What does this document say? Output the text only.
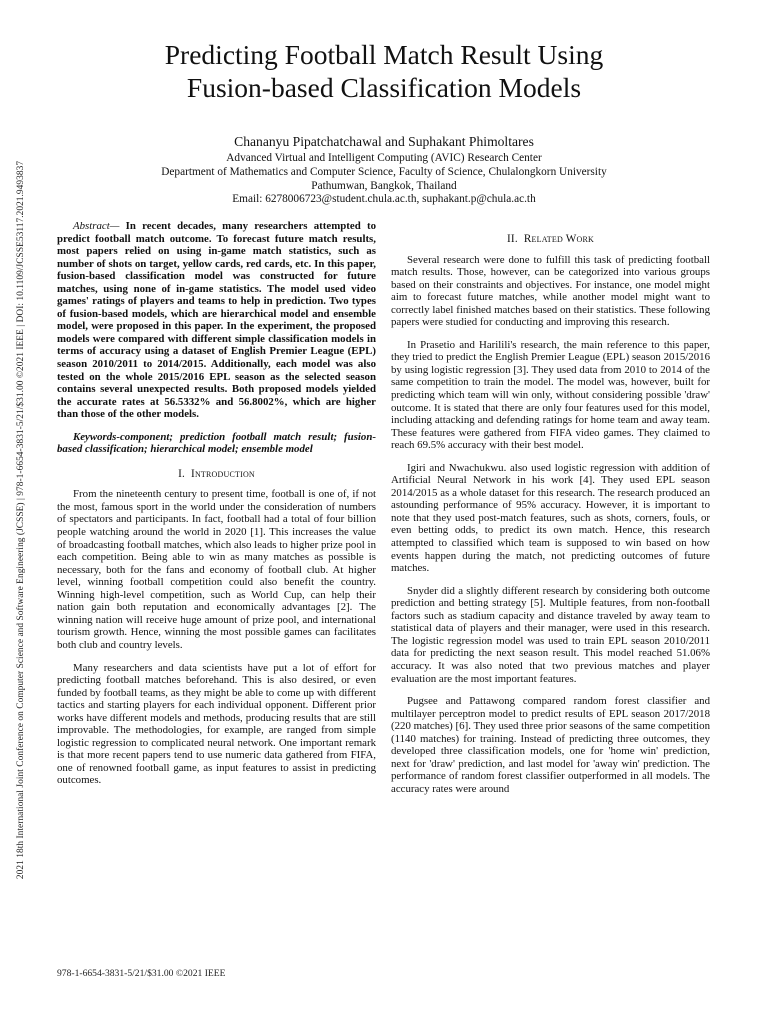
2021 18th International Joint Conference on Computer Science and Software Engineering (JCSSE) | 978-1-6654-3831-5/21/$31.00 ©2021 IEEE | DOI: 10.1109/JCSSE53117.2021.9493837
Predicting Football Match Result Using
Fusion-based Classification Models
Chananyu Pipatchatchawal and Suphakant Phimoltares
Advanced Virtual and Intelligent Computing (AVIC) Research Center
Department of Mathematics and Computer Science, Faculty of Science, Chulalongkorn University
Pathumwan, Bangkok, Thailand
Email: 6278006723@student.chula.ac.th, suphakant.p@chula.ac.th

Abstract— In recent decades, many researchers attempted to predict football match outcome. To forecast future match results, most papers relied on using in-game match statistics, such as number of shots on target, yellow cards, red cards, etc. In this paper, fusion-based classification model was constructed for future matches, using none of in-game statistics. The model used video games' ratings of players and teams to help in prediction. Two types of fusion-based models, which are hierarchical model and ensemble model, were proposed in this paper. In the experiment, the proposed models were compared with different simple classification models in terms of accuracy using a dataset of English Premier League (EPL) season 2010/2011 to 2014/2015. Additionally, each model was also tested on the whole 2015/2016 EPL season as the selected season contains several unexpected results. Both proposed models yielded the accurate rates at 56.5332% and 56.8002%, which are higher than those of the other models.

Keywords-component; prediction football match result; fusion-based classification; hierarchical model; ensemble model

I. Introduction

From the nineteenth century to present time, football is one of, if not the most, famous sport in the world under the consideration of numbers of spectators and participants. In fact, football had a total of four billion people watching around the world in 2020 [1]. This increases the value of broadcasting football matches, which also leads to higher prize pool in each competition. Being able to win as many matches as possible is necessary, both for the fans and economy of football club. At higher level, winning football competition could also benefit the country. Winning high-level competition, such as World Cup, can help their nation gain both reputation and economically advantages [2]. The winning nation will receive huge amount of prize pool, and international tourism growth. Hence, winning the most possible games can facilitates both club and country levels.

Many researchers and data scientists have put a lot of effort for predicting football matches beforehand. This is also desired, or even funded by football teams, as they might be able to come up with different tactics and starting players for each individual opponent. Different prior works have different models and methods, producing results that are still improvable. The methodologies, for example, are ranged from simple logistic regression to complicated neural network. One important remark is that more recent papers tend to use numeric data gathered from FIFA, one of renowned football game, as input features to assist in predicting outcomes.

II. Related Work

Several research were done to fulfill this task of predicting football match results. Those, however, can be categorized into various groups based on their constraints and objectives. For instance, one model might aim to forecast future matches, while another model might want to correctly label finished matches based on their statistics. These following papers were studied for conducting and improving this research.

In Prasetio and Harilili's research, the main reference to this paper, they tried to predict the English Premier League (EPL) season 2015/2016 by using logistic regression [3]. They used data from 2010 to 2014 of the same competition to train the model. The model was, however, built for predicting which team will win only, without considering possible 'draw' outcome. It is stated that there are only four features used for this model, including attacking and defending ratings for home team and away team. These features were gathered from FIFA video games. They claimed to reach 69.5% accuracy with their best model.

Igiri and Nwachukwu. also used logistic regression with addition of Artificial Neural Network in his work [4]. They used EPL season 2014/2015 as a whole dataset for this research. The research produced an astounding performance of 95% accuracy. However, it is important to note that they used post-match features, such as shots, corners, fouls, or even betting odds, to predict its own match. Hence, this research attempted to classified which team is supposed to win based on how events happen during the match, not predicting outcomes of future matches.

Snyder did a slightly different research by considering both outcome prediction and betting strategy [5]. Multiple features, from non-football factors such as stadium capacity and distance traveled by away team to statistical data of players and their manager, were used in this research. The logistic regression model was used to train EPL season 2010/2011 data for predicting the next season result. This model reached 51.06% accuracy. It was also noted that two previous matches and player evaluation are the most important features.

Pugsee and Pattawong compared random forest classifier and multilayer perceptron model to predict results of EPL season 2017/2018 (220 matches) [6]. They used three prior seasons of the same competition (1140 matches) for training. Instead of predicting three outcomes, they developed three classification models, one for 'home win' prediction, next for 'draw' prediction, and last model for 'away win' prediction. The performance of random forest classifier outperformed in all models. The accuracy rates were around

978-1-6654-3831-5/21/$31.00 ©2021 IEEE
